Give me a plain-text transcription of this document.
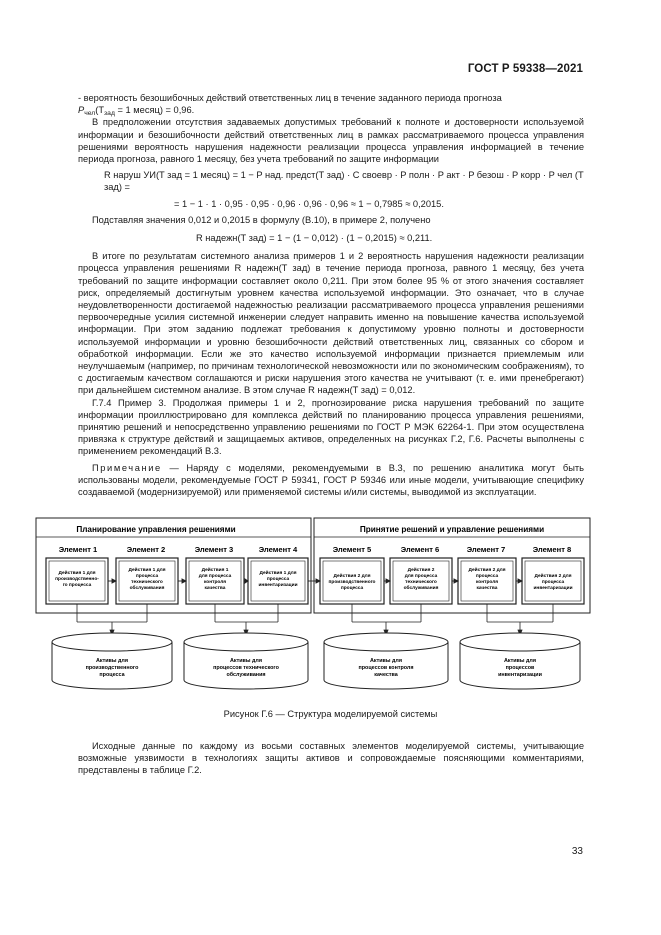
ГОСТ Р 59338—2021

- вероятность безошибочных действий ответственных лиц в течение заданного периода прогноза

$P_{чел}(T_{зад} = 1$ месяц) = 0,96.

В предположении отсутствия задаваемых допустимых требований к полноте и достоверности используемой информации и безошибочности действий ответственных лиц в рамках рассматриваемого процесса управления решениями вероятность нарушения надежности реализации процесса управления информацией в течение периода прогноза, равного 1 месяцу, без учета требований по защите информации

R нaруш УИ(T зад = 1 месяц) = 1 − P над. предст(T зад) · C своевр · P полн · P акт · P безош · P корр · P чел (T зад) =

= 1 − 1 · 1 · 0,95 · 0,95 · 0,96 · 0,96 · 0,96 ≈ 1 − 0,7985 ≈ 0,2015.

Подставляя значения 0,012 и 0,2015 в формулу (В.10), в примере 2, получено

R надежн(T зад) = 1 − (1 − 0,012) · (1 − 0,2015) ≈ 0,211.

В итоге по результатам системного анализа примеров 1 и 2 вероятность нарушения надежности реализации процесса управления решениями R надежн(T зад) в течение периода прогноза, равного 1 месяцу, без учета требований по защите информации составляет около 0,211. При этом более 95 % от этого значения составляет риск, определяемый достигнутым уровнем качества используемой информации. Это означает, что в случае неудовлетворенности достигаемой надежностью реализации рассматриваемого процесса управления решениями первоочередные усилия системной инженерии следует направить именно на повышение качества используемой информации. При этом заданию подлежат требования к допустимому уровню полноты и достоверности используемой информации и уровню безошибочности действий ответственных лиц, связанных со сбором и обработкой информации. Если же это качество используемой информации признается приемлемым или неулучшаемым (например, по причинам технологической невозможности или по экономическим соображениям), то с достигаемым качеством соглашаются и риски нарушения этого качества не учитывают (т. е. ими пренебрегают) при дальнейшем системном анализе. В этом случае R надежн(T зад) = 0,012.

Г.7.4 Пример 3. Продолжая примеры 1 и 2, прогнозирование риска нарушения требований по защите информации проиллюстрировано для комплекса действий по планированию процесса управления решениями, принятию решений и непосредственно управлению решениями по ГОСТ Р МЭК 62264-1. При этом осуществлена привязка к структуре действий и защищаемых активов, определенных на рисунках Г.2, Г.6. Расчеты выполнены с применением рекомендаций В.3.

Примечание — Наряду с моделями, рекомендуемыми в В.3, по решению аналитика могут быть использованы модели, рекомендуемые ГОСТ Р 59341, ГОСТ Р 59346 или иные модели, учитывающие специфику создаваемой (модернизируемой) или применяемой системы и/или системы, выводимой из эксплуатации.

Планирование управления решениями	Принятие решений и управление решениями
Элемент 1	Элемент 2	Элемент 3	Элемент 4	Элемент 5	Элемент 6	Элемент 7	Элемент 8
Действия 1 для производственно-го процесса
Действия 1 для процесса технического обслуживания
Действия 1 для процесса контроля качества
Действия 1 для процесса инвентаризации
Действия 2 для производственного процесса
Действия 2 для процесса технического обслуживания
Действия 2 для процесса контроля качества
Действия 2 для процесса инвентаризации
Активы для производственного процесса
Активы для процессов технического обслуживания
Активы для процессов контроля качества
Активы для процессов инвентаризации
Рисунок Г.6 — Структура моделируемой системы

Исходные данные по каждому из восьми составных элементов моделируемой системы, учитывающие возможные уязвимости в технологиях защиты активов и сопровождаемые поясняющими комментариями, представлены в таблице Г.2.

33
